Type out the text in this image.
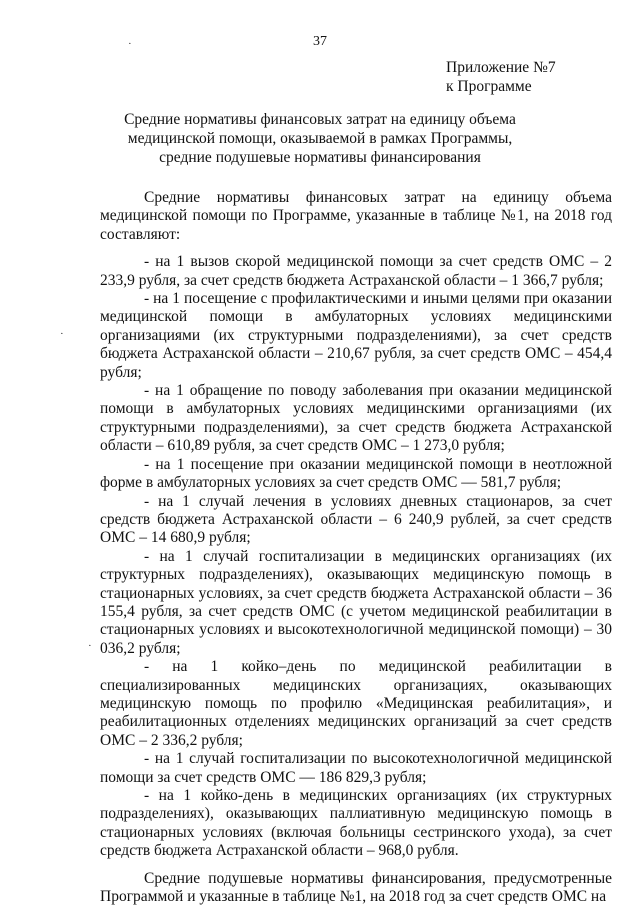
37
Приложение №7
к Программе
Средние нормативы финансовых затрат на единицу объема
медицинской помощи, оказываемой в рамках Программы,
средние подушевые нормативы финансирования

Средние нормативы финансовых затрат на единицу объема медицинской помощи по Программе, указанные в таблице №1, на 2018 год составляют:

- на 1 вызов скорой медицинской помощи за счет средств ОМС – 2 233,9 рубля, за счет средств бюджета Астраханской области – 1 366,7 рубля;

- на 1 посещение с профилактическими и иными целями при оказании медицинской помощи в амбулаторных условиях медицинскими организациями (их структурными подразделениями), за счет средств бюджета Астраханской области – 210,67 рубля, за счет средств ОМС – 454,4 рубля;

- на 1 обращение по поводу заболевания при оказании медицинской помощи в амбулаторных условиях медицинскими организациями (их структурными подразделениями), за счет средств бюджета Астраханской области – 610,89 рубля, за счет средств ОМС – 1 273,0 рубля;

- на 1 посещение при оказании медицинской помощи в неотложной форме в амбулаторных условиях за счет средств ОМС — 581,7 рубля;

- на 1 случай лечения в условиях дневных стационаров, за счет средств бюджета Астраханской области – 6 240,9 рублей, за счет средств ОМС – 14 680,9 рубля;

- на 1 случай госпитализации в медицинских организациях (их структурных подразделениях), оказывающих медицинскую помощь в стационарных условиях, за счет средств бюджета Астраханской области – 36 155,4 рубля, за счет средств ОМС (с учетом медицинской реабилитации в стационарных условиях и высокотехнологичной медицинской помощи) – 30 036,2 рубля;

- на 1 койко–день по медицинской реабилитации в специализированных медицинских организациях, оказывающих медицинскую помощь по профилю «Медицинская реабилитация», и реабилитационных отделениях медицинских организаций за счет средств ОМС – 2 336,2 рубля;

- на 1 случай госпитализации по высокотехнологичной медицинской помощи за счет средств ОМС — 186 829,3 рубля;

- на 1 койко-день в медицинских организациях (их структурных подразделениях), оказывающих паллиативную медицинскую помощь в стационарных условиях (включая больницы сестринского ухода), за счет средств бюджета Астраханской области – 968,0 рубля.

Средние подушевые нормативы финансирования, предусмотренные Программой и указанные в таблице №1, на 2018 год за счет средств ОМС на

·
·
·
